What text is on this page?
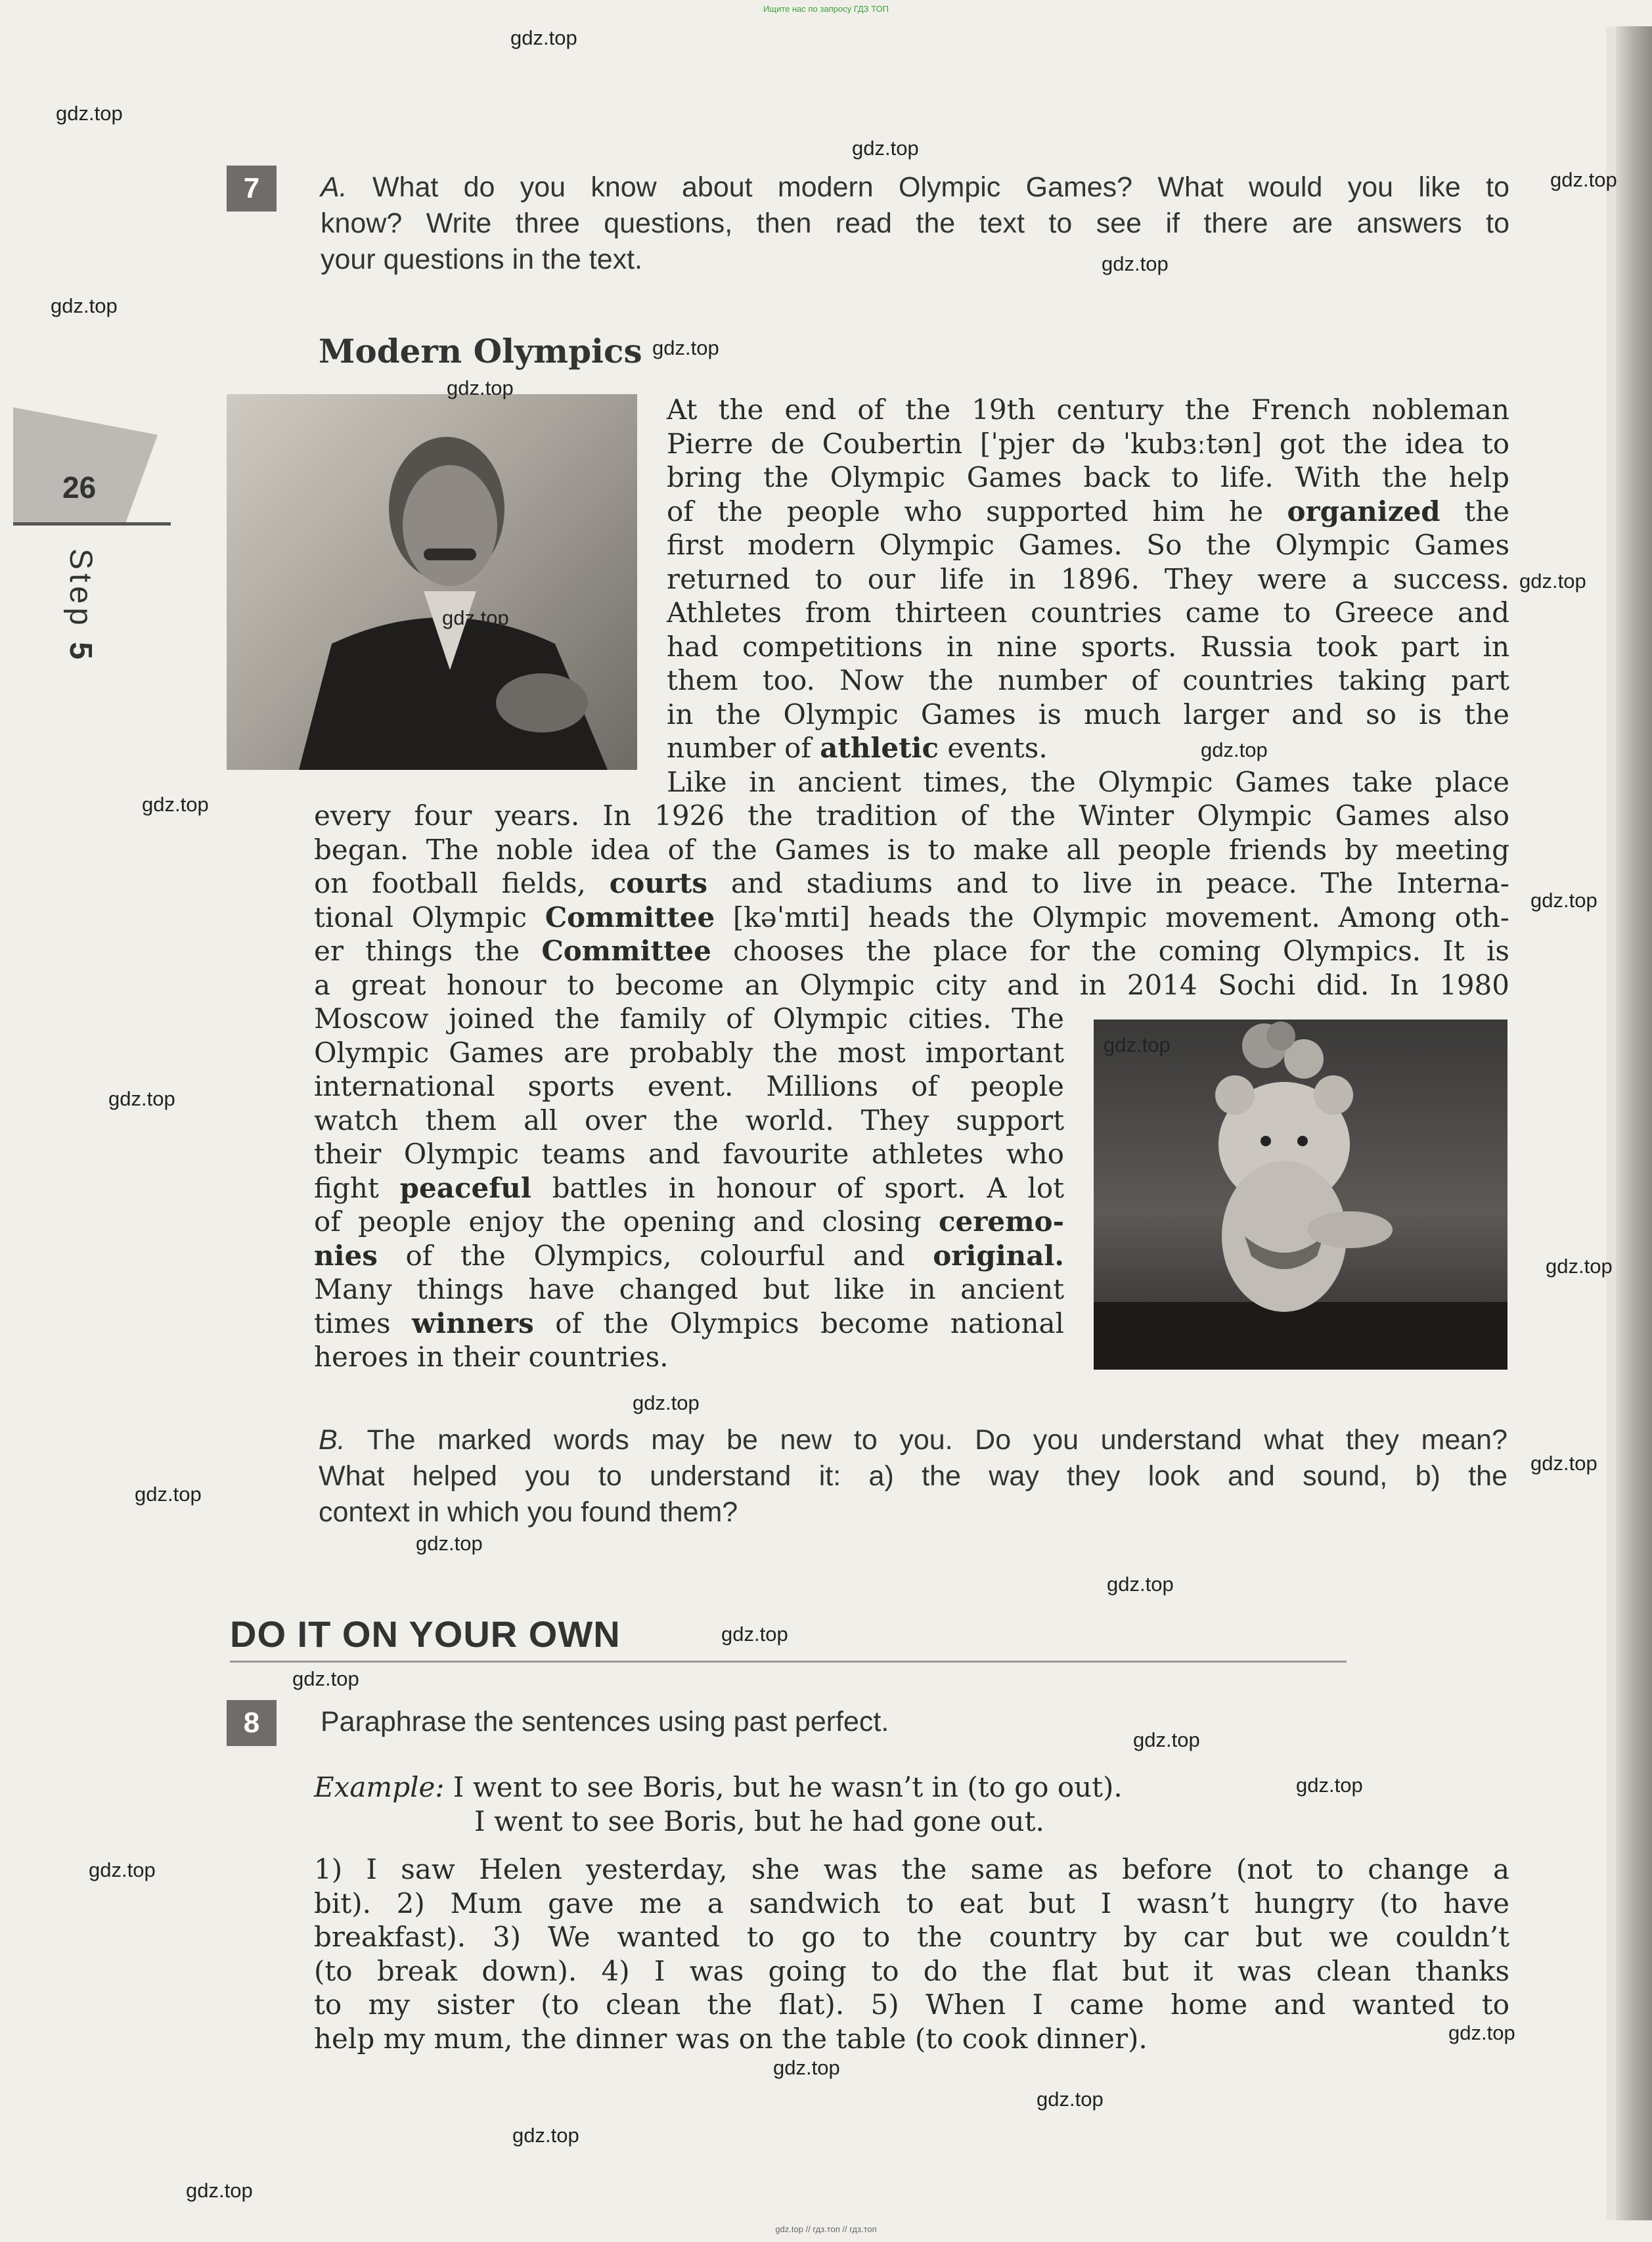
Ищите нас по запросу ГДЗ ТОП
26
Step 5
7	A. What do you know about modern Olympic Games? What would you like to
know? Write three questions, then read the text to see if there are answers to
your questions in the text.
Modern Olympics
At the end of the 19th century the French nobleman
Pierre de Coubertin [ˈpjer də ˈkubɜːtən] got the idea to
bring the Olympic Games back to life. With the help
of the people who supported him he organized the
first modern Olympic Games. So the Olympic Games
returned to our life in 1896. They were a success.
Athletes from thirteen countries came to Greece and
had competitions in nine sports. Russia took part in
them too. Now the number of countries taking part
in the Olympic Games is much larger and so is the
number of athletic events.
Like in ancient times, the Olympic Games take place
every four years. In 1926 the tradition of the Winter Olympic Games also
began. The noble idea of the Games is to make all people friends by meeting
on football fields, courts and stadiums and to live in peace. The Interna-
tional Olympic Committee [kəˈmɪti] heads the Olympic movement. Among oth-
er things the Committee chooses the place for the coming Olympics. It is
a great honour to become an Olympic city and in 2014 Sochi did. In 1980
Moscow joined the family of Olympic cities. The
Olympic Games are probably the most important
international sports event. Millions of people
watch them all over the world. They support
their Olympic teams and favourite athletes who
fight peaceful battles in honour of sport. A lot
of people enjoy the opening and closing ceremo-
nies of the Olympics, colourful and original.
Many things have changed but like in ancient
times winners of the Olympics become national
heroes in their countries.
B. The marked words may be new to you. Do you understand what they mean?
What helped you to understand it: a) the way they look and sound, b) the
context in which you found them?
DO IT ON YOUR OWN
8	Paraphrase the sentences using past perfect.
Example: I went to see Boris, but he wasn’t in (to go out).
I went to see Boris, but he had gone out.
1) I saw Helen yesterday, she was the same as before (not to change a
bit). 2) Mum gave me a sandwich to eat but I wasn’t hungry (to have
breakfast). 3) We wanted to go to the country by car but we couldn’t
(to break down). 4) I was going to do the flat but it was clean thanks
to my sister (to clean the flat). 5) When I came home and wanted to
help my mum, the dinner was on the table (to cook dinner).
gdz.top
gdz.top
gdz.top
gdz.top
gdz.top
gdz.top
gdz.top
gdz.top
gdz.top
gdz.top
gdz.top
gdz.top
gdz.top
gdz.top
gdz.top
gdz.top
gdz.top
gdz.top
gdz.top
gdz.top
gdz.top
gdz.top
gdz.top
gdz.top
gdz.top
gdz.top
gdz.top
gdz.top
gdz.top
gdz.top
gdz.top
gdz.top // гдз.топ // гдз.топ
